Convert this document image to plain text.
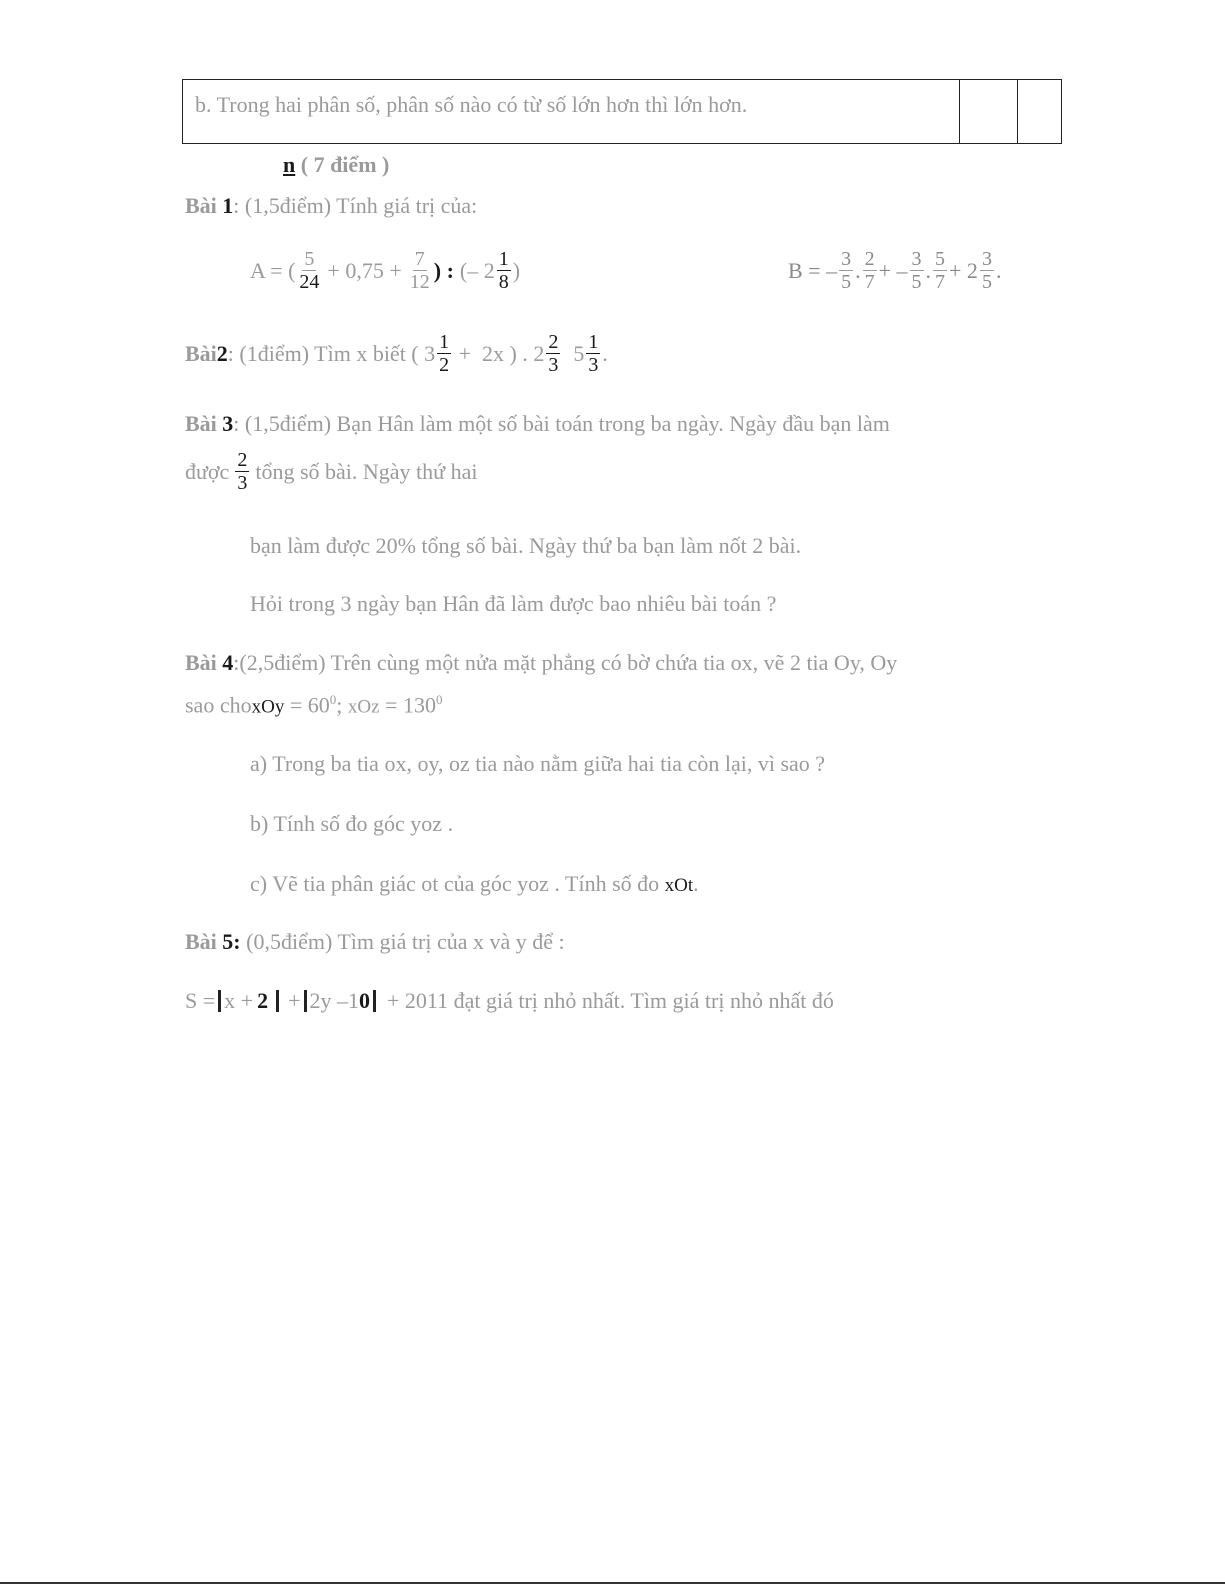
b. Trong hai phân số, phân số nào có từ số lớn hơn thì lớn hơn.
n ( 7 điểm )
Bài 1: (1,5điểm) Tính giá trị của:
A = ( $\frac{5}{24} + 0,75 + \frac{7}{12}$ ) : (– $2 \frac{1}{8}$ )	B = – $\frac{3}{5}$ . $\frac{2}{7}$ + – $\frac{3}{5}$ . $\frac{5}{7} + 2 \frac{3}{5}$ .
Bài 2 : (1điểm) Tìm x biết ( $3 \frac{1}{2} + 2x$ ) . $2 \frac{2}{3} 5 \frac{1}{3}$ .
Bài 3: (1,5điểm) Bạn Hân làm một số bài toán trong ba ngày. Ngày đầu bạn làm
được $\frac{2}{3}$ tổng số bài. Ngày thứ hai
bạn làm được 20% tổng số bài. Ngày thứ ba bạn làm nốt 2 bài.
Hỏi trong 3 ngày bạn Hân đã làm được bao nhiêu bài toán ?
Bài 4:(2,5điểm) Trên cùng một nửa mặt phẳng có bờ chứa tia ox, vẽ 2 tia Oy, Oy
sao choxOy = $60^0$; xOz = $130^0$
a) Trong ba tia ox, oy, oz tia nào nằm giữa hai tia còn lại, vì sao ?
b) Tính số đo góc yoz .
c) Vẽ tia phân giác ot của góc yoz . Tính số đo xOt.
Bài 5: (0,5điểm) Tìm giá trị của x và y để :
S = x + 2 + 2y –1 0 + 2011 đạt giá trị nhỏ nhất. Tìm giá trị nhỏ nhất đó
